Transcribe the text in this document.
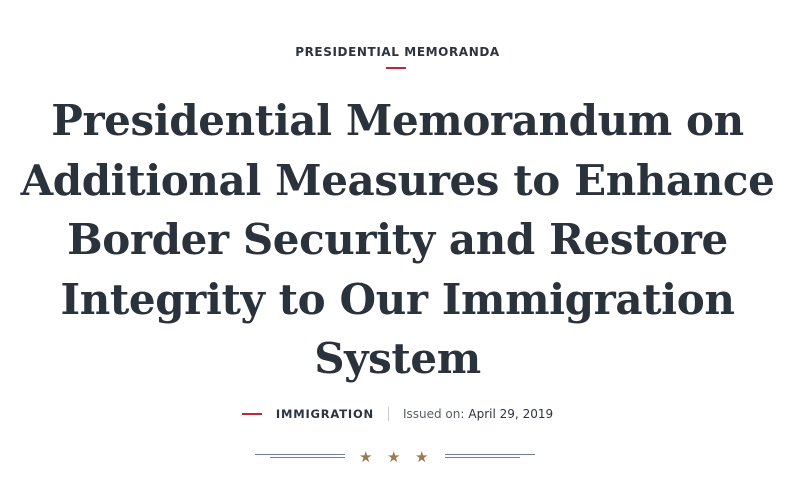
PRESIDENTIAL MEMORANDA
Presidential Memorandum on Additional Measures to Enhance Border Security and Restore Integrity to Our Immigration System
IMMIGRATION Issued on: April 29, 2019
★ ★ ★
